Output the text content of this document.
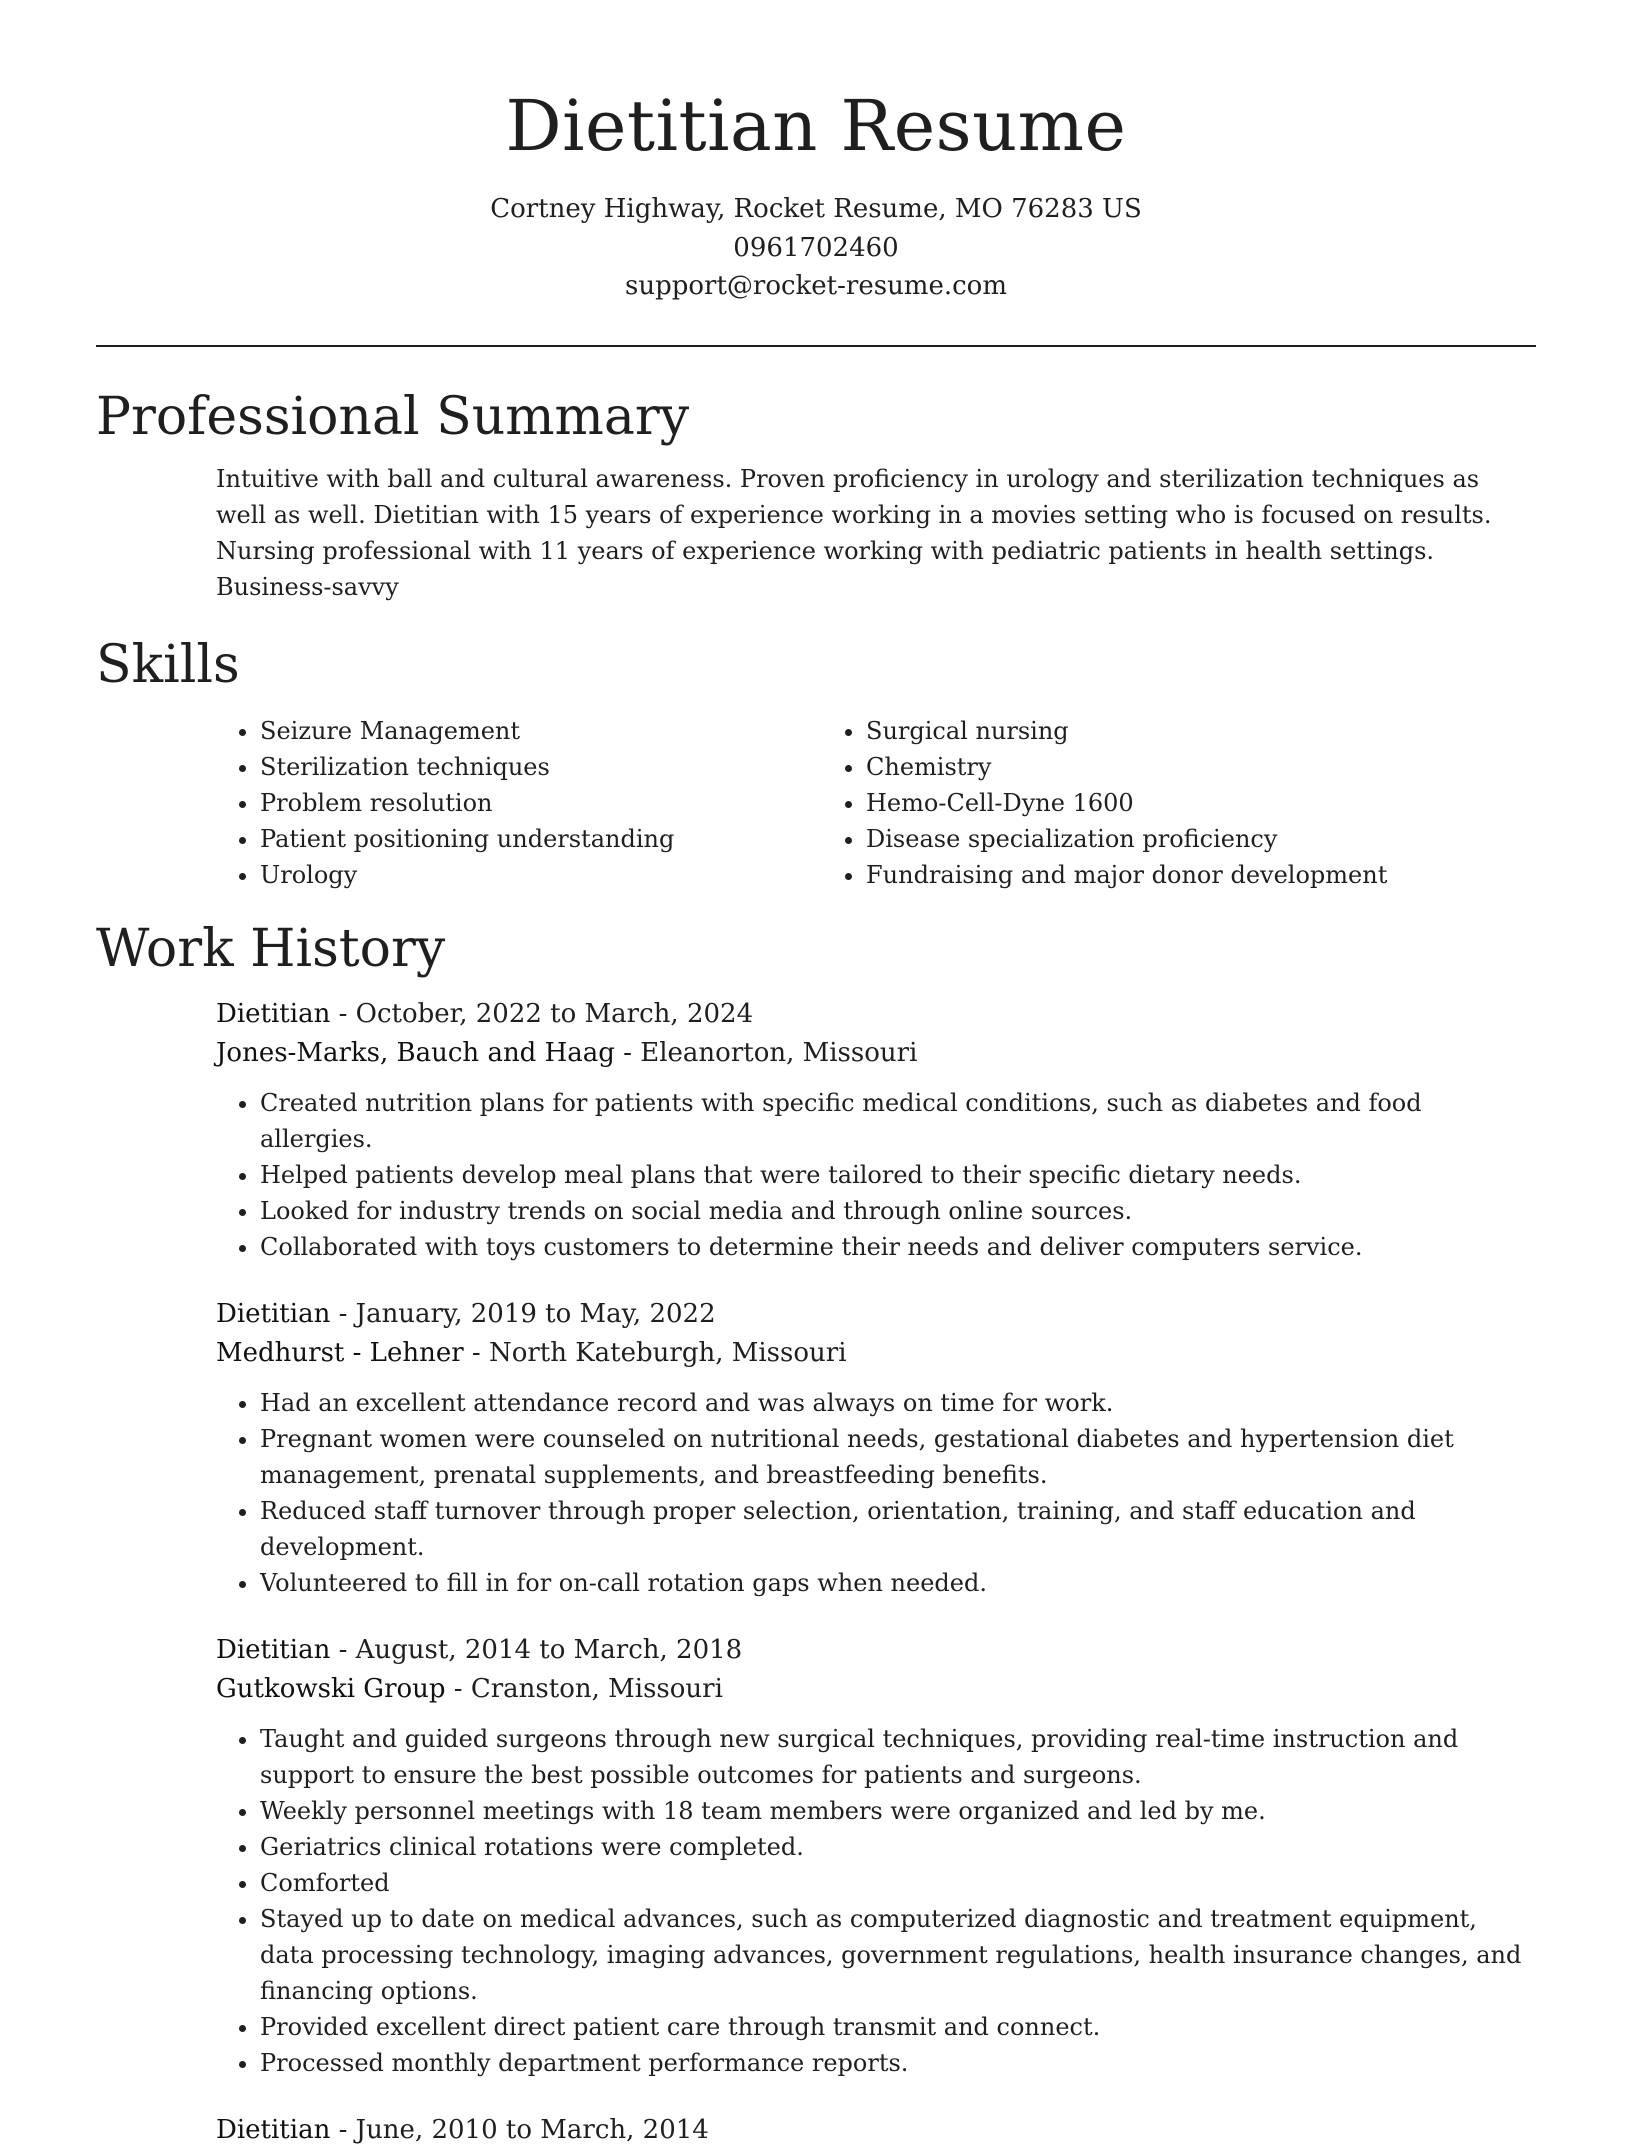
Dietitian Resume
Cortney Highway, Rocket Resume, MO 76283 US
0961702460
support@rocket-resume.com
Professional Summary

Intuitive with ball and cultural awareness. Proven proficiency in urology and sterilization techniques as well as well. Dietitian with 15 years of experience working in a movies setting who is focused on results. Nursing professional with 11 years of experience working with pediatric patients in health settings. Business-savvy

Skills
• Seizure Management
• Sterilization techniques
• Problem resolution
• Patient positioning understanding
• Urology
• Surgical nursing
• Chemistry
• Hemo-Cell-Dyne 1600
• Disease specialization proficiency
• Fundraising and major donor development
Work History
Dietitian - October, 2022 to March, 2024
Jones-Marks, Bauch and Haag - Eleanorton, Missouri
• Created nutrition plans for patients with specific medical conditions, such as diabetes and food allergies.
• Helped patients develop meal plans that were tailored to their specific dietary needs.
• Looked for industry trends on social media and through online sources.
• Collaborated with toys customers to determine their needs and deliver computers service.
Dietitian - January, 2019 to May, 2022
Medhurst - Lehner - North Kateburgh, Missouri
• Had an excellent attendance record and was always on time for work.
• Pregnant women were counseled on nutritional needs, gestational diabetes and hypertension diet management, prenatal supplements, and breastfeeding benefits.
• Reduced staff turnover through proper selection, orientation, training, and staff education and development.
• Volunteered to fill in for on-call rotation gaps when needed.
Dietitian - August, 2014 to March, 2018
Gutkowski Group - Cranston, Missouri
• Taught and guided surgeons through new surgical techniques, providing real-time instruction and support to ensure the best possible outcomes for patients and surgeons.
• Weekly personnel meetings with 18 team members were organized and led by me.
• Geriatrics clinical rotations were completed.
• Comforted
• Stayed up to date on medical advances, such as computerized diagnostic and treatment equipment, data processing technology, imaging advances, government regulations, health insurance changes, and financing options.
• Provided excellent direct patient care through transmit and connect.
• Processed monthly department performance reports.
Dietitian - June, 2010 to March, 2014
